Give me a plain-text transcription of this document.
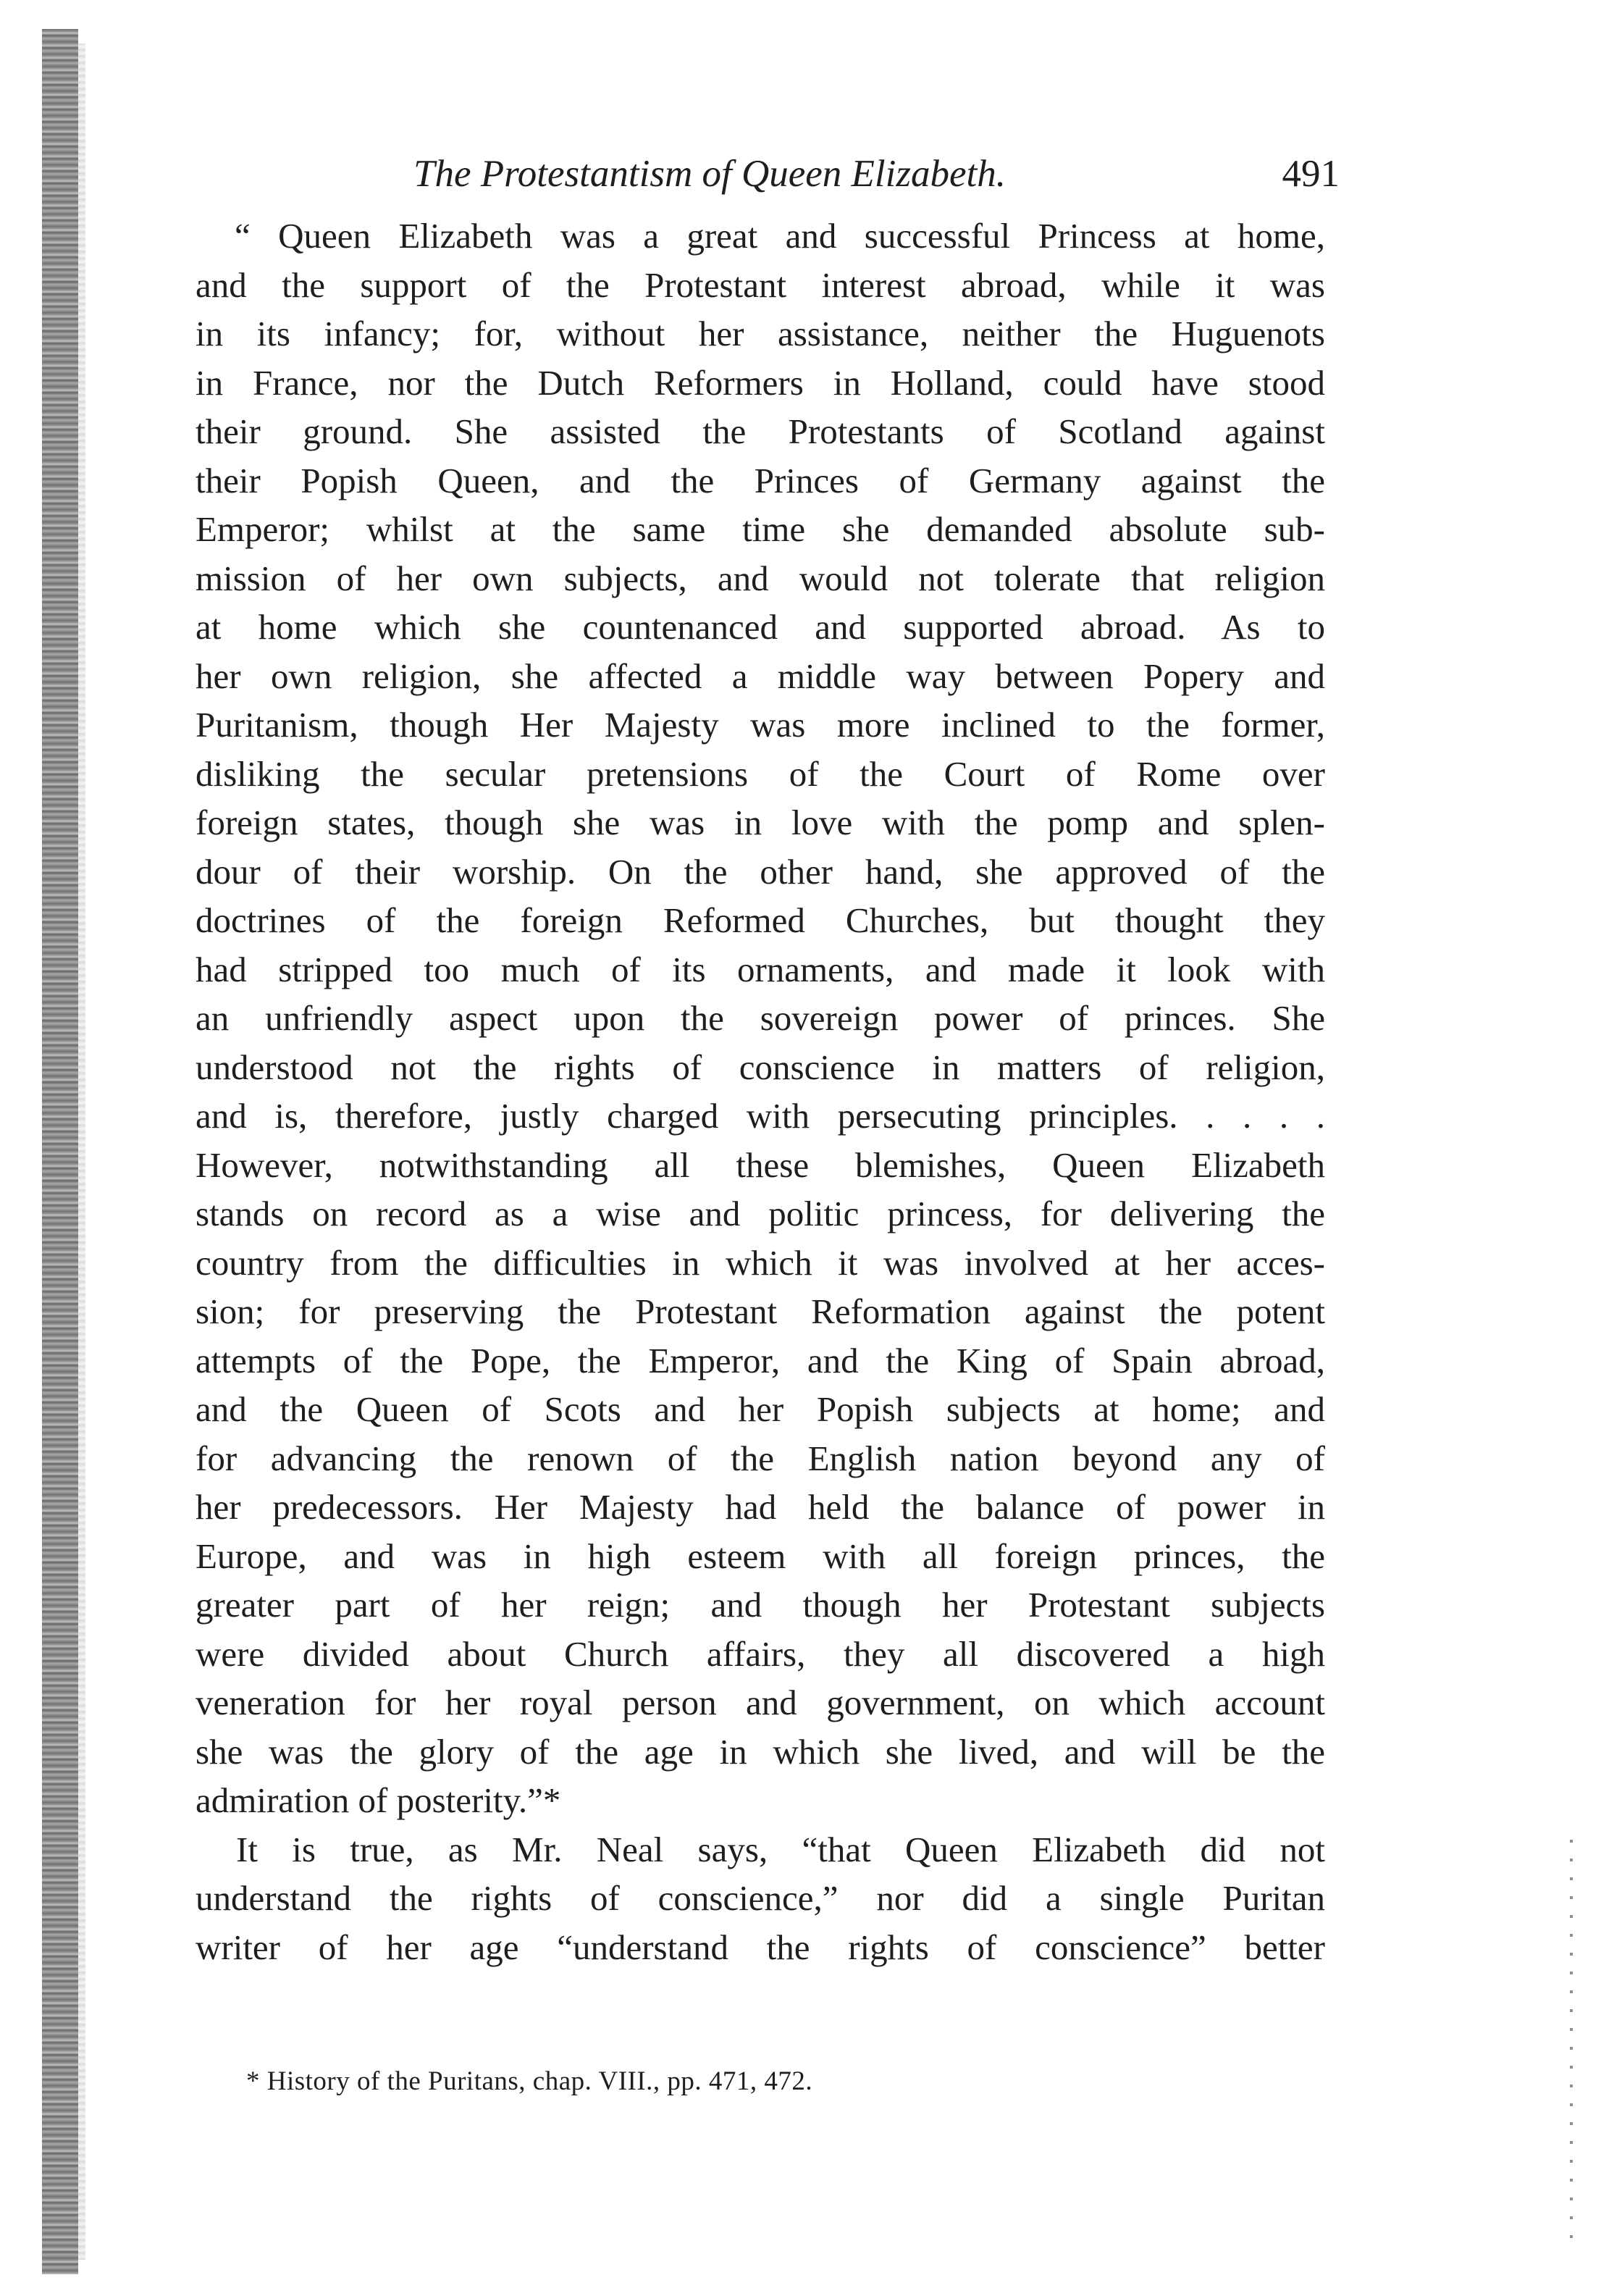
The Protestantism of Queen Elizabeth.	491
“ Queen Elizabeth was a great and successful Princess at home,
and the support of the Protestant interest abroad, while it was
in its infancy; for, without her assistance, neither the Huguenots
in France, nor the Dutch Reformers in Holland, could have stood
their ground. She assisted the Protestants of Scotland against
their Popish Queen, and the Princes of Germany against the
Emperor; whilst at the same time she demanded absolute sub-
mission of her own subjects, and would not tolerate that religion
at home which she countenanced and supported abroad. As to
her own religion, she affected a middle way between Popery and
Puritanism, though Her Majesty was more inclined to the former,
disliking the secular pretensions of the Court of Rome over
foreign states, though she was in love with the pomp and splen-
dour of their worship. On the other hand, she approved of the
doctrines of the foreign Reformed Churches, but thought they
had stripped too much of its ornaments, and made it look with
an unfriendly aspect upon the sovereign power of princes. She
understood not the rights of conscience in matters of religion,
and is, therefore, justly charged with persecuting principles. . . . .
However, notwithstanding all these blemishes, Queen Elizabeth
stands on record as a wise and politic princess, for delivering the
country from the difficulties in which it was involved at her acces-
sion; for preserving the Protestant Reformation against the potent
attempts of the Pope, the Emperor, and the King of Spain abroad,
and the Queen of Scots and her Popish subjects at home; and
for advancing the renown of the English nation beyond any of
her predecessors. Her Majesty had held the balance of power in
Europe, and was in high esteem with all foreign princes, the
greater part of her reign; and though her Protestant subjects
were divided about Church affairs, they all discovered a high
veneration for her royal person and government, on which account
she was the glory of the age in which she lived, and will be the
admiration of posterity.”*
It is true, as Mr. Neal says, “that Queen Elizabeth did not
understand the rights of conscience,” nor did a single Puritan
writer of her age “understand the rights of conscience” better
* History of the Puritans, chap. VIII., pp. 471, 472.
